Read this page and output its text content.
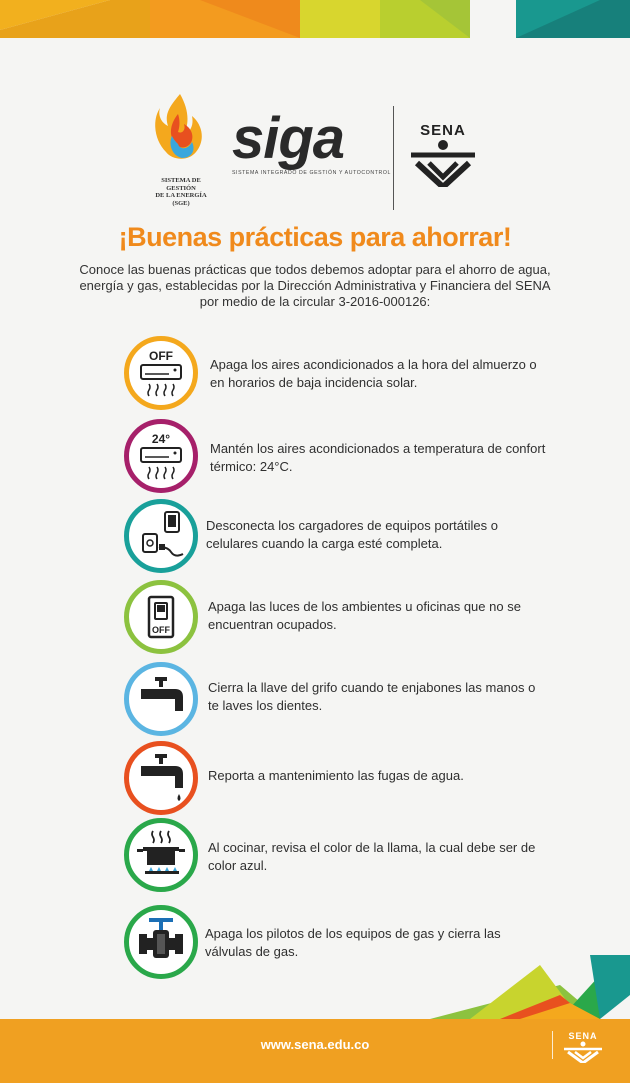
SISTEMA DE GESTIÓN
DE LA ENERGÍA
(SGE)
siga
SISTEMA INTEGRADO DE GESTIÓN Y AUTOCONTROL
SENA
¡Buenas prácticas para ahorrar!
Conoce las buenas prácticas que todos debemos adoptar para el ahorro de agua, energía y gas, establecidas por la Dirección Administrativa y Financiera del SENA por medio de la circular 3-2016-000126:
OFF
Apaga los aires acondicionados a la hora del almuerzo o en horarios de baja incidencia solar.
24°
Mantén los aires acondicionados a temperatura de confort térmico: 24°C.
Desconecta los cargadores de equipos portátiles o celulares cuando la carga esté completa.
OFF
Apaga las luces de los ambientes u oficinas que no se encuentran ocupados.
Cierra la llave del grifo cuando te enjabones las manos o te laves los dientes.
Reporta a mantenimiento las fugas de agua.
Al cocinar, revisa el color de la llama, la cual debe ser de color azul.
Apaga los pilotos de los equipos de gas y cierra las válvulas de gas.
www.sena.edu.co
SENA
